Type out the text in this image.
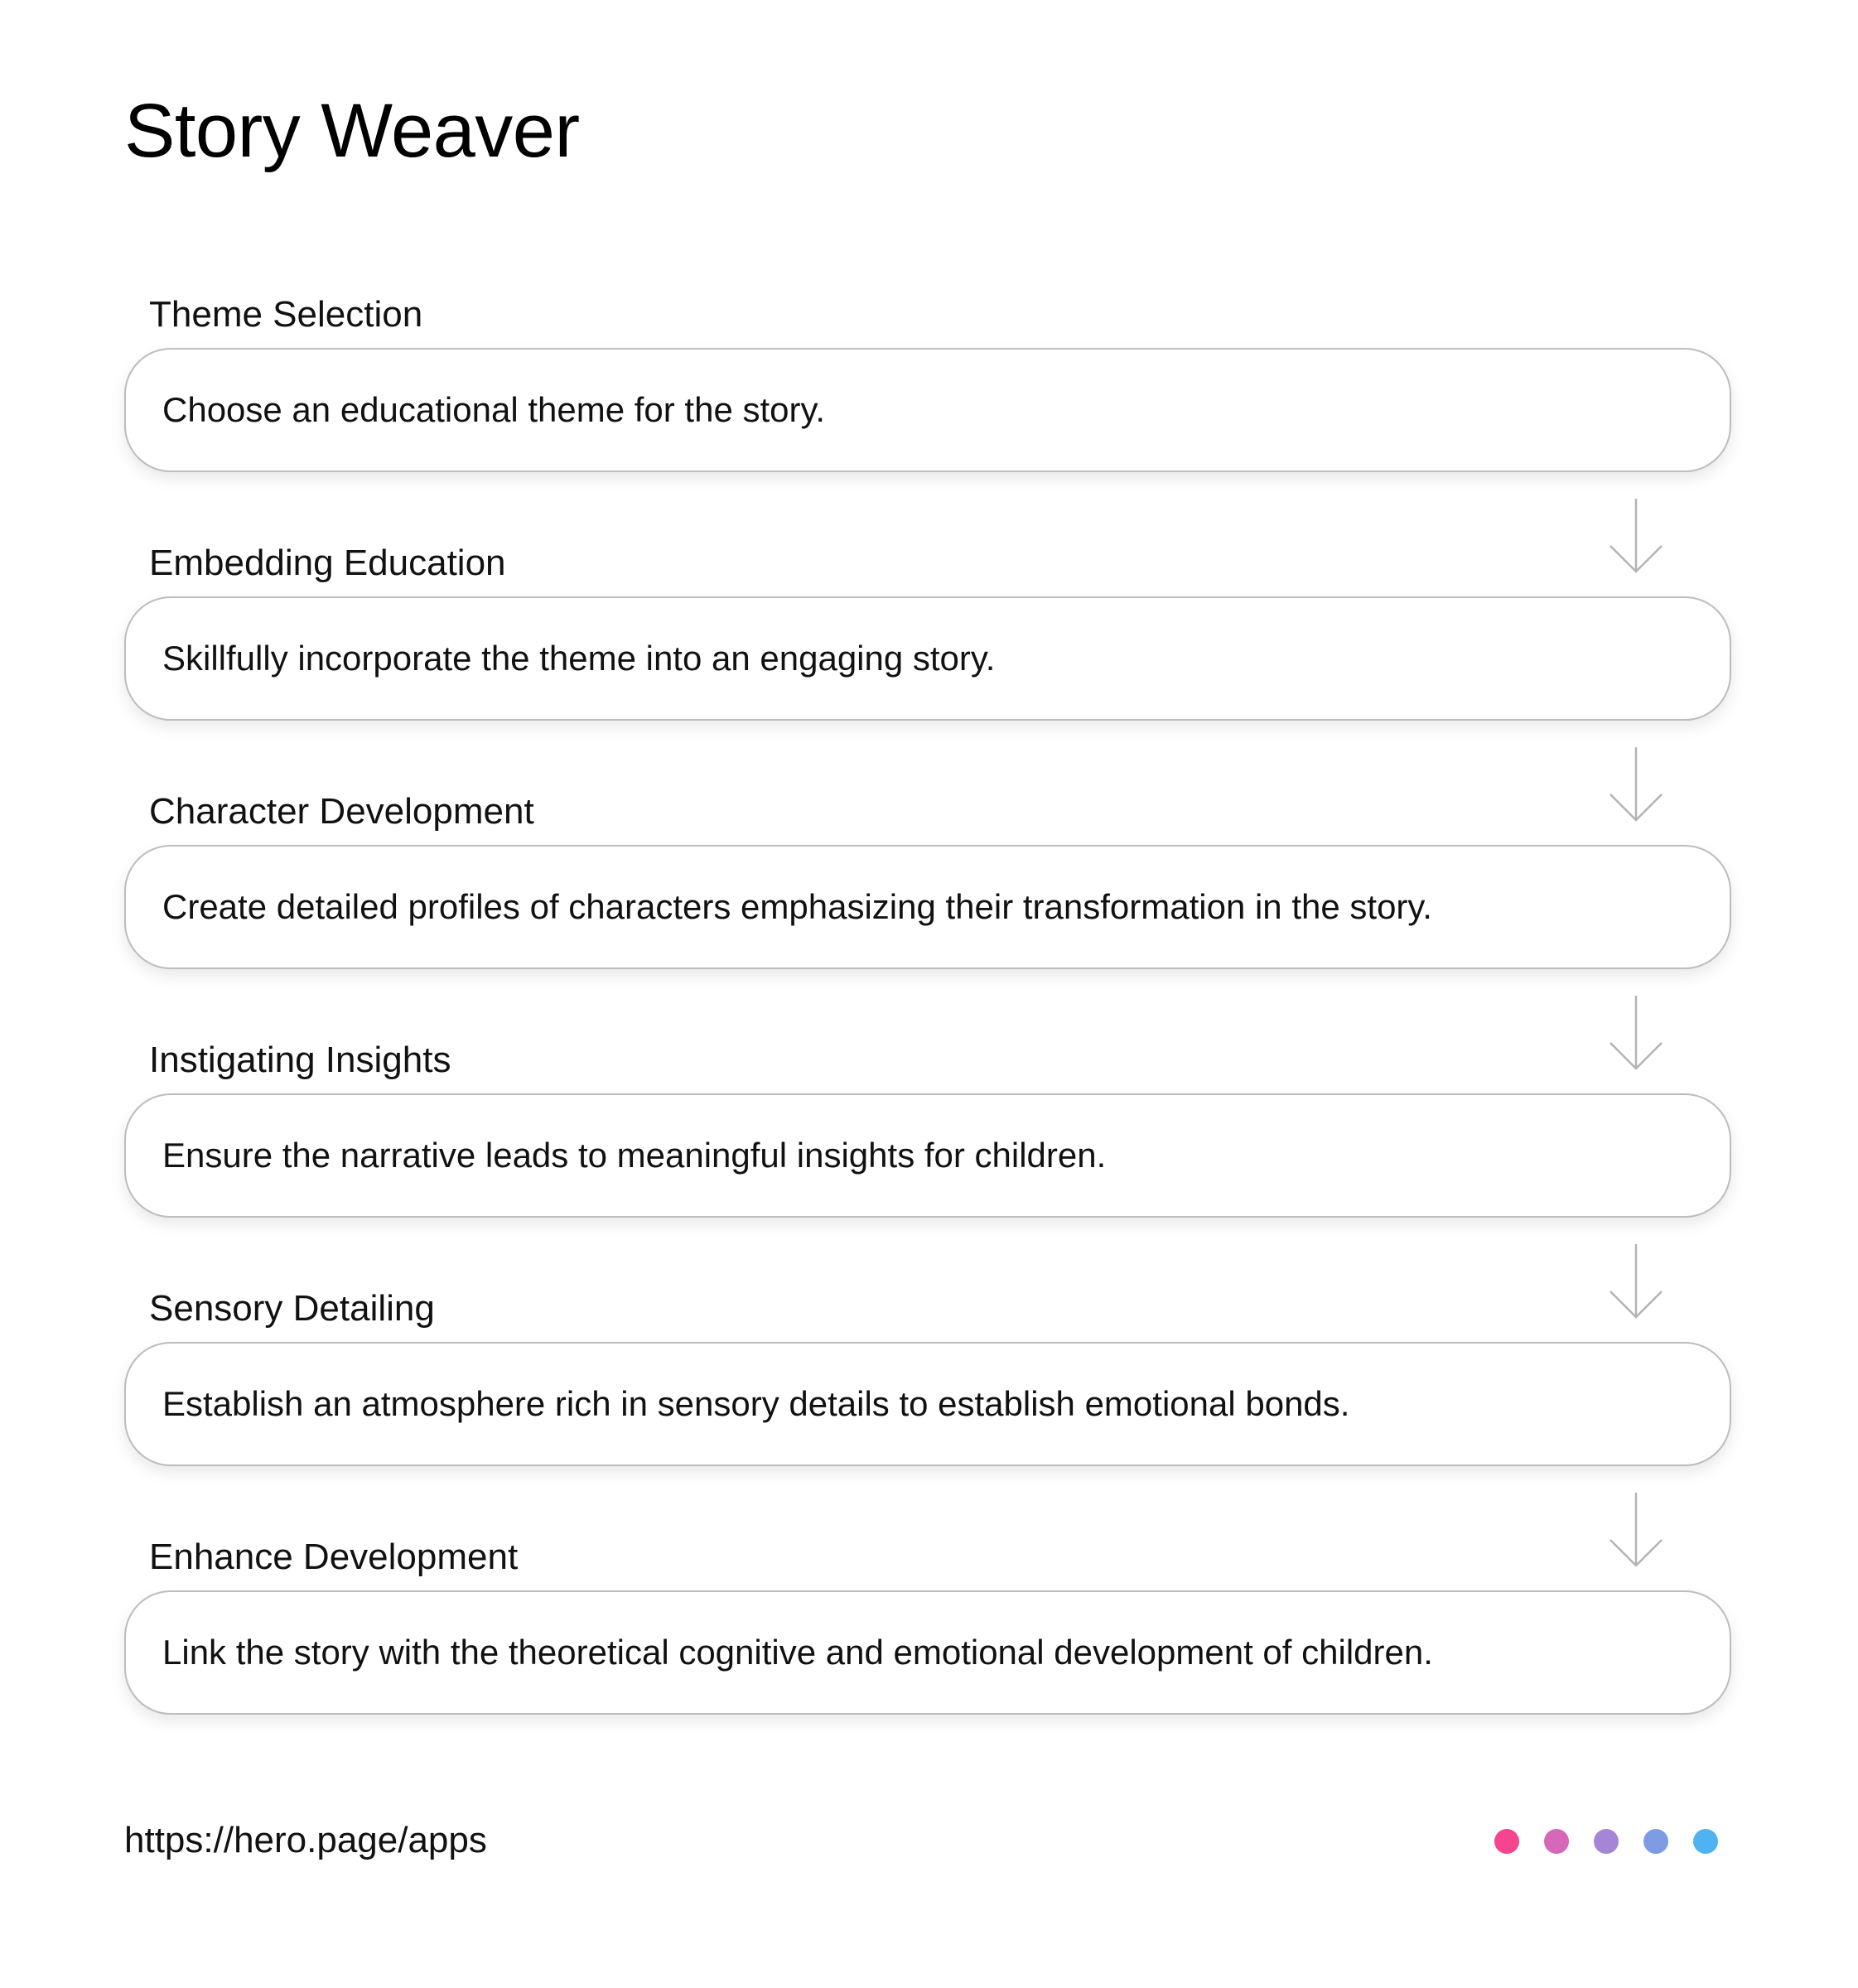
Story Weaver
Theme Selection
Choose an educational theme for the story.
Embedding Education
Skillfully incorporate the theme into an engaging story.
Character Development
Create detailed profiles of characters emphasizing their transformation in the story.
Instigating Insights
Ensure the narrative leads to meaningful insights for children.
Sensory Detailing
Establish an atmosphere rich in sensory details to establish emotional bonds.
Enhance Development
Link the story with the theoretical cognitive and emotional development of children.
https://hero.page/apps
